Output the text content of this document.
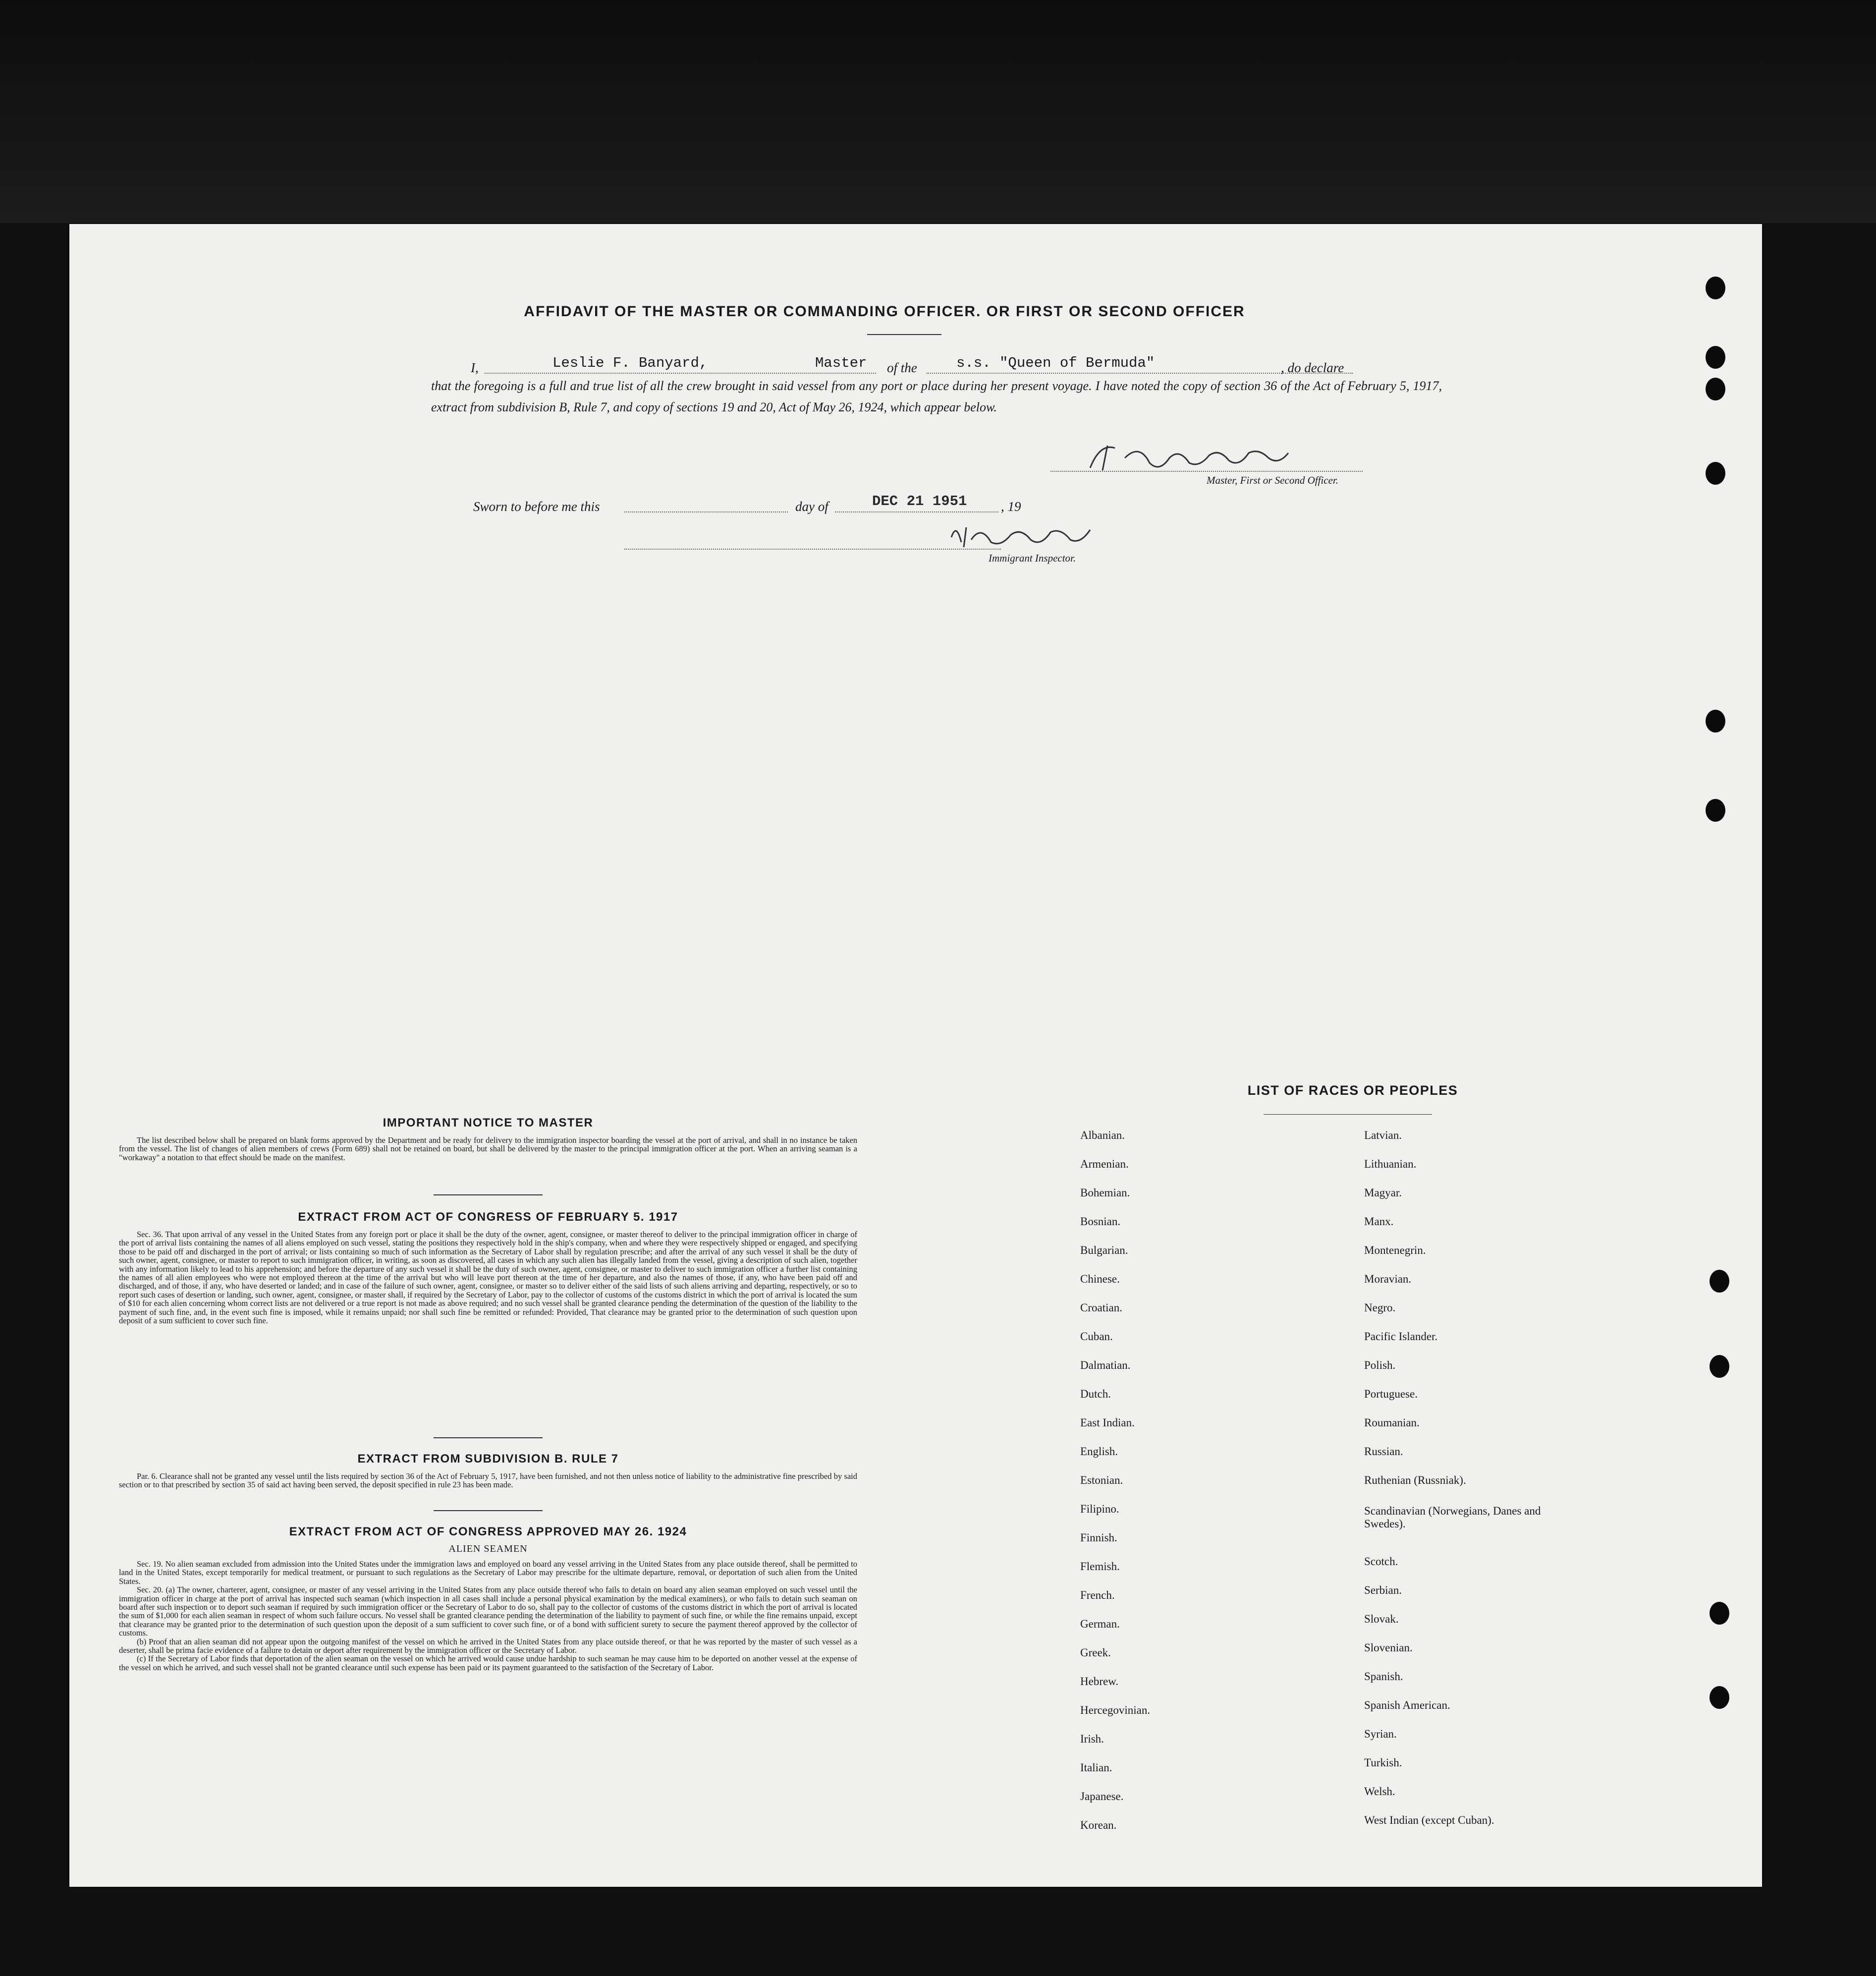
AFFIDAVIT OF THE MASTER OR COMMANDING OFFICER. OR FIRST OR SECOND OFFICER
I,	Leslie F. Banyard,	Master of the	s.s. "Queen of Bermuda"	, do declare
that the foregoing is a full and true list of all the crew brought in said vessel from any port or place during her present voyage. I have noted the copy of section 36 of the Act of February 5, 1917, extract from subdivision B, Rule 7, and copy of sections 19 and 20, Act of May 26, 1924, which appear below.
Master, First or Second Officer.
Sworn to before me this	day of	DEC 21 1951	, 19
Immigrant Inspector.
IMPORTANT NOTICE TO MASTER
The list described below shall be prepared on blank forms approved by the Department and be ready for delivery to the immigration inspector boarding the vessel at the port of arrival, and shall in no instance be taken from the vessel. The list of changes of alien members of crews (Form 689) shall not be retained on board, but shall be delivered by the master to the principal immigration officer at the port. When an arriving seaman is a "workaway" a notation to that effect should be made on the manifest.
EXTRACT FROM ACT OF CONGRESS OF FEBRUARY 5. 1917
Sec. 36. That upon arrival of any vessel in the United States from any foreign port or place it shall be the duty of the owner, agent, consignee, or master thereof to deliver to the principal immigration officer in charge of the port of arrival lists containing the names of all aliens employed on such vessel, stating the positions they respectively hold in the ship's company, when and where they were respectively shipped or engaged, and specifying those to be paid off and discharged in the port of arrival; or lists containing so much of such information as the Secretary of Labor shall by regulation prescribe; and after the arrival of any such vessel it shall be the duty of such owner, agent, consignee, or master to report to such immigration officer, in writing, as soon as discovered, all cases in which any such alien has illegally landed from the vessel, giving a description of such alien, together with any information likely to lead to his apprehension; and before the departure of any such vessel it shall be the duty of such owner, agent, consignee, or master to deliver to such immigration officer a further list containing the names of all alien employees who were not employed thereon at the time of the arrival but who will leave port thereon at the time of her departure, and also the names of those, if any, who have been paid off and discharged, and of those, if any, who have deserted or landed; and in case of the failure of such owner, agent, consignee, or master so to deliver either of the said lists of such aliens arriving and departing, respectively, or so to report such cases of desertion or landing, such owner, agent, consignee, or master shall, if required by the Secretary of Labor, pay to the collector of customs of the customs district in which the port of arrival is located the sum of $10 for each alien concerning whom correct lists are not delivered or a true report is not made as above required; and no such vessel shall be granted clearance pending the determination of the question of the liability to the payment of such fine, and, in the event such fine is imposed, while it remains unpaid; nor shall such fine be remitted or refunded: Provided, That clearance may be granted prior to the determination of such question upon deposit of a sum sufficient to cover such fine.
EXTRACT FROM SUBDIVISION B. RULE 7
Par. 6. Clearance shall not be granted any vessel until the lists required by section 36 of the Act of February 5, 1917, have been furnished, and not then unless notice of liability to the administrative fine prescribed by said section or to that prescribed by section 35 of said act having been served, the deposit specified in rule 23 has been made.
EXTRACT FROM ACT OF CONGRESS APPROVED MAY 26. 1924
ALIEN SEAMEN

Sec. 19. No alien seaman excluded from admission into the United States under the immigration laws and employed on board any vessel arriving in the United States from any place outside thereof, shall be permitted to land in the United States, except temporarily for medical treatment, or pursuant to such regulations as the Secretary of Labor may prescribe for the ultimate departure, removal, or deportation of such alien from the United States.

Sec. 20. (a) The owner, charterer, agent, consignee, or master of any vessel arriving in the United States from any place outside thereof who fails to detain on board any alien seaman employed on such vessel until the immigration officer in charge at the port of arrival has inspected such seaman (which inspection in all cases shall include a personal physical examination by the medical examiners), or who fails to detain such seaman on board after such inspection or to deport such seaman if required by such immigration officer or the Secretary of Labor to do so, shall pay to the collector of customs of the customs district in which the port of arrival is located the sum of $1,000 for each alien seaman in respect of whom such failure occurs. No vessel shall be granted clearance pending the determination of the liability to payment of such fine, or while the fine remains unpaid, except that clearance may be granted prior to the determination of such question upon the deposit of a sum sufficient to cover such fine, or of a bond with sufficient surety to secure the payment thereof approved by the collector of customs.

(b) Proof that an alien seaman did not appear upon the outgoing manifest of the vessel on which he arrived in the United States from any place outside thereof, or that he was reported by the master of such vessel as a deserter, shall be prima facie evidence of a failure to detain or deport after requirement by the immigration officer or the Secretary of Labor.

(c) If the Secretary of Labor finds that deportation of the alien seaman on the vessel on which he arrived would cause undue hardship to such seaman he may cause him to be deported on another vessel at the expense of the vessel on which he arrived, and such vessel shall not be granted clearance until such expense has been paid or its payment guaranteed to the satisfaction of the Secretary of Labor.

LIST OF RACES OR PEOPLES
Albanian.
Armenian.
Bohemian.
Bosnian.
Bulgarian.
Chinese.
Croatian.
Cuban.
Dalmatian.
Dutch.
East Indian.
English.
Estonian.
Filipino.
Finnish.
Flemish.
French.
German.
Greek.
Hebrew.
Hercegovinian.
Irish.
Italian.
Japanese.
Korean.
Latvian.
Lithuanian.
Magyar.
Manx.
Montenegrin.
Moravian.
Negro.
Pacific Islander.
Polish.
Portuguese.
Roumanian.
Russian.
Ruthenian (Russniak).
Scandinavian (Norwegians, Danes and Swedes).
Scotch.
Serbian.
Slovak.
Slovenian.
Spanish.
Spanish American.
Syrian.
Turkish.
Welsh.
West Indian (except Cuban).
